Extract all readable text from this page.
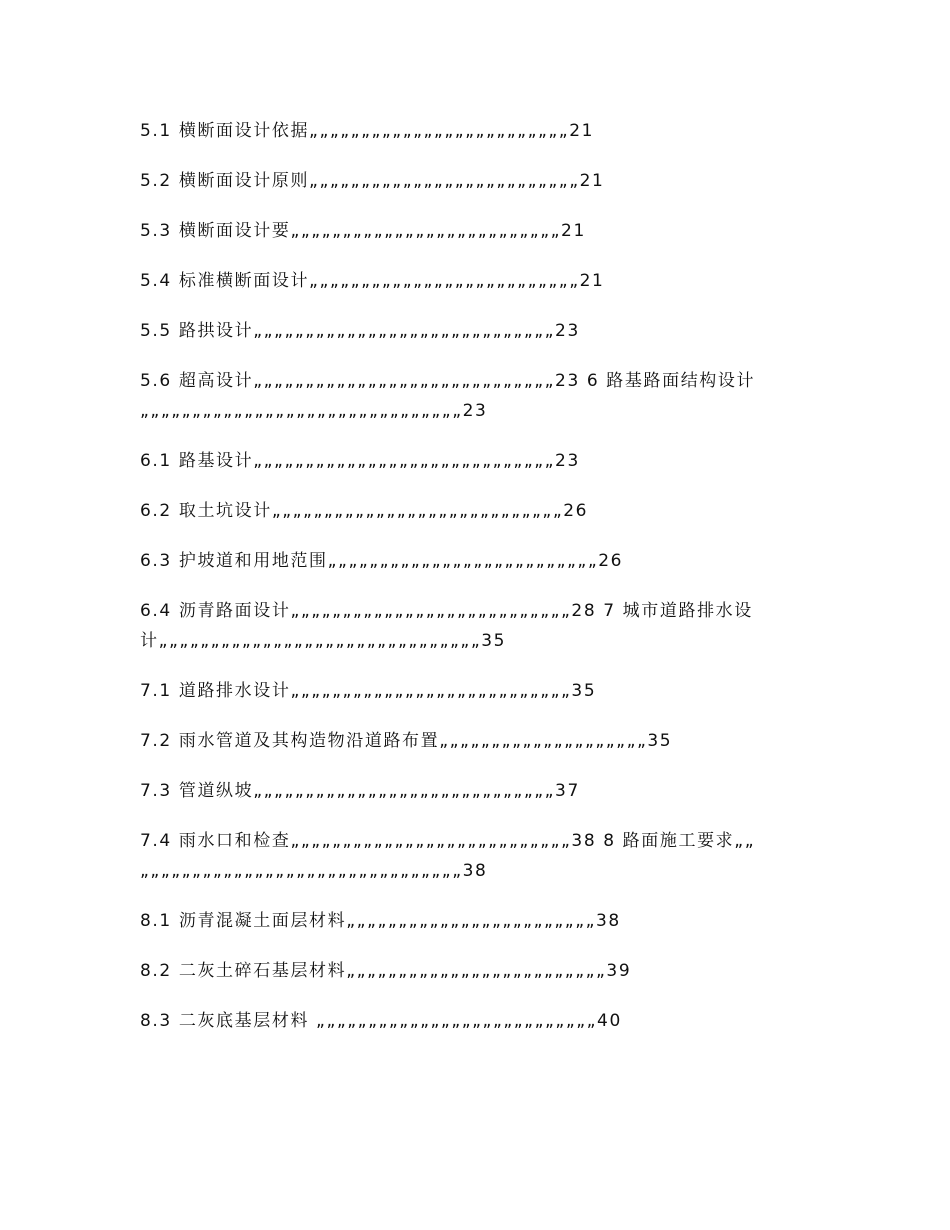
5.1 横断面设计依据„„„„„„„„„„„„„„„„„„„„„„„„„21
5.2 横断面设计原则„„„„„„„„„„„„„„„„„„„„„„„„„„21
5.3 横断面设计要„„„„„„„„„„„„„„„„„„„„„„„„„„21
5.4 标准横断面设计„„„„„„„„„„„„„„„„„„„„„„„„„„21
5.5 路拱设计„„„„„„„„„„„„„„„„„„„„„„„„„„„„„23
5.6 超高设计„„„„„„„„„„„„„„„„„„„„„„„„„„„„„23 6 路基路面结构设计
„„„„„„„„„„„„„„„„„„„„„„„„„„„„„„„23
6.1 路基设计„„„„„„„„„„„„„„„„„„„„„„„„„„„„„23
6.2 取土坑设计„„„„„„„„„„„„„„„„„„„„„„„„„„„„26
6.3 护坡道和用地范围„„„„„„„„„„„„„„„„„„„„„„„„„„26
6.4 沥青路面设计„„„„„„„„„„„„„„„„„„„„„„„„„„„28 7 城市道路排水设
计„„„„„„„„„„„„„„„„„„„„„„„„„„„„„„„35
7.1 道路排水设计„„„„„„„„„„„„„„„„„„„„„„„„„„„35
7.2 雨水管道及其构造物沿道路布置„„„„„„„„„„„„„„„„„„„„35
7.3 管道纵坡„„„„„„„„„„„„„„„„„„„„„„„„„„„„„37
7.4 雨水口和检查„„„„„„„„„„„„„„„„„„„„„„„„„„„38 8 路面施工要求„„
„„„„„„„„„„„„„„„„„„„„„„„„„„„„„„„38
8.1 沥青混凝土面层材料„„„„„„„„„„„„„„„„„„„„„„„„38
8.2 二灰土碎石基层材料„„„„„„„„„„„„„„„„„„„„„„„„„39
8.3 二灰底基层材料 „„„„„„„„„„„„„„„„„„„„„„„„„„„40
